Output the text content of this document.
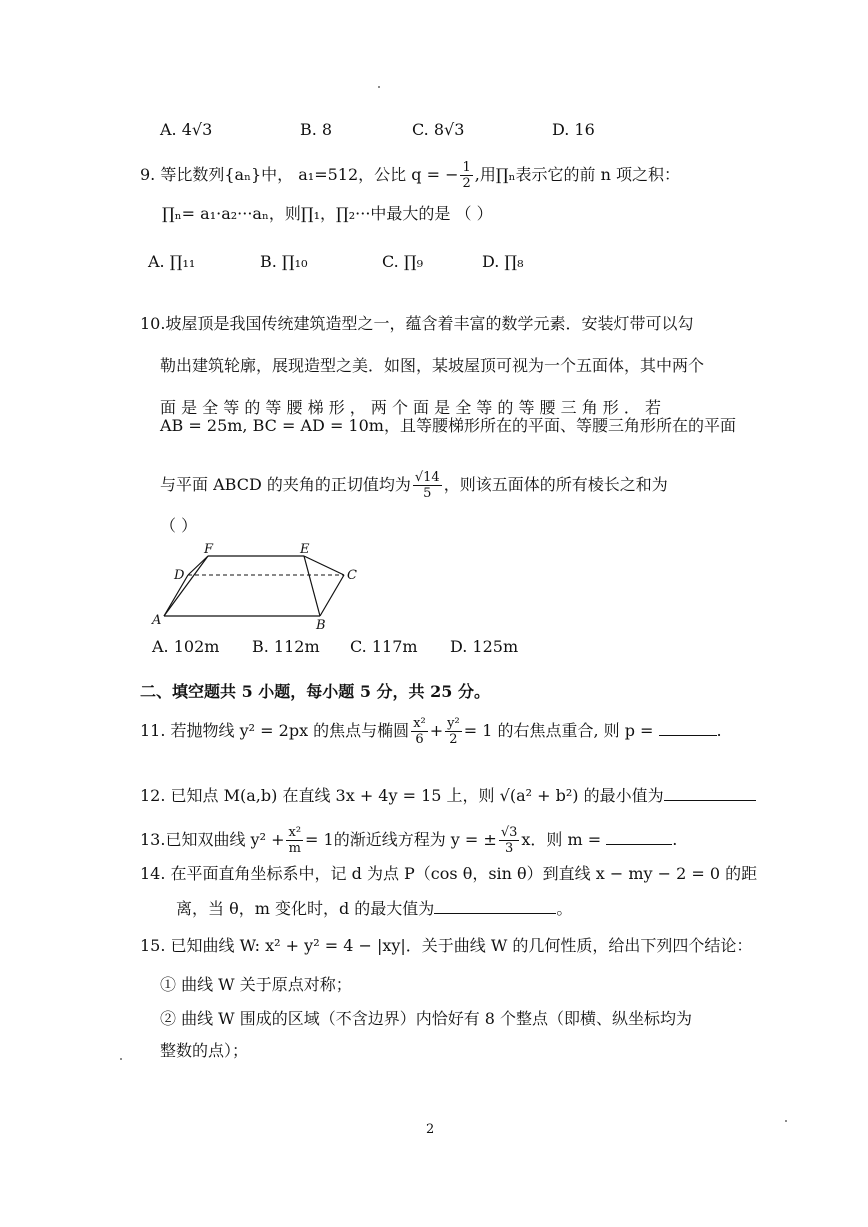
A. 4√3	B. 8	C. 8√3	D. 16
9. 等比数列{aₙ}中， a₁=512，公比 q = − $\frac{1}{2}$ ,用∏ₙ表示它的前 n 项之积：
∏ₙ= a₁·a₂···aₙ，则∏₁，∏₂···中最大的是 （ ）
A. ∏₁₁	B. ∏₁₀	C. ∏₉	D. ∏₈
10.坡屋顶是我国传统建筑造型之一，蕴含着丰富的数学元素．安装灯带可以勾
勒出建筑轮廓，展现造型之美．如图，某坡屋顶可视为一个五面体，其中两个
面 是 全 等 的 等 腰 梯 形 ， 两 个 面 是 全 等 的 等 腰 三 角 形 ． 若
AB = 25m, BC = AD = 10m，且等腰梯形所在的平面、等腰三角形所在的平面
与平面 ABCD 的夹角的正切值均为 $\frac{√14}{5}$ ，则该五面体的所有棱长之和为
（ ）
A	B
C
D
E
F
A. 102m B. 112m C. 117m D. 125m
二、填空题共 5 小题，每小题 5 分，共 25 分。
11. 若抛物线 y² = 2px 的焦点与椭圆 $\frac{\text{x²}}{6} + \frac{\text{y²}}{2} = 1$ 的右焦点重合, 则 p =	.
12. 已知点 M(a,b) 在直线 3x + 4y = 15 上，则 √(a² + b²) 的最小值为
13.已知双曲线 $y^2 + \frac{\text{x²}}{m} = 1$的渐近线方程为 y = ± $\frac{√3}{3}$ x．则 m =	.
14. 在平面直角坐标系中，记 d 为点 P（cos θ，sin θ）到直线 x − my − 2 = 0 的距
离，当 θ，m 变化时，d 的最大值为	。
15. 已知曲线 W: x² + y² = 4 − |xy|．关于曲线 W 的几何性质，给出下列四个结论：
① 曲线 W 关于原点对称；
② 曲线 W 围成的区域（不含边界）内恰好有 8 个整点（即横、纵坐标均为
整数的点）；
2
